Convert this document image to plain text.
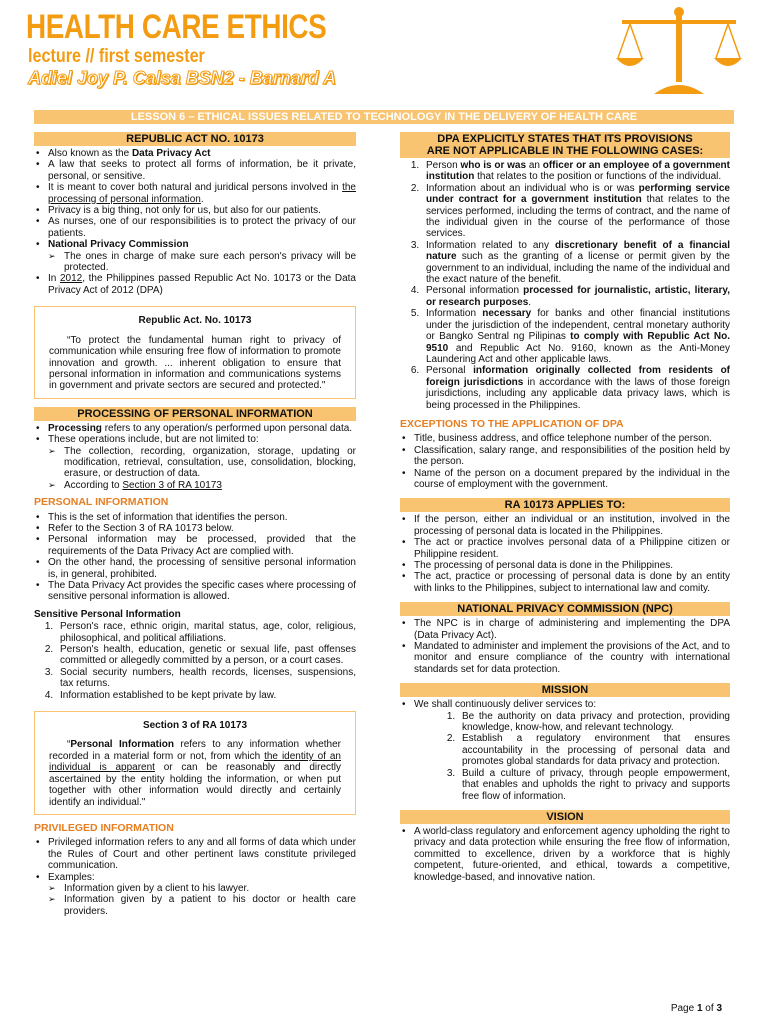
HEALTH CARE ETHICS
lecture // first semester
Adiel Joy P. Calsa BSN2 - Barnard A
LESSON 6 – ETHICAL ISSUES RELATED TO TECHNOLOGY IN THE DELIVERY OF HEALTH CARE
REPUBLIC ACT NO. 10173
• Also known as the Data Privacy Act
• A law that seeks to protect all forms of information, be it private, personal, or sensitive.
• It is meant to cover both natural and juridical persons involved in the processing of personal information.
• Privacy is a big thing, not only for us, but also for our patients.
• As nurses, one of our responsibilities is to protect the privacy of our patients.
• National Privacy Commission
➢ The ones in charge of make sure each person's privacy will be protected.
• In 2012, the Philippines passed Republic Act No. 10173 or the Data Privacy Act of 2012 (DPA)
Republic Act. No. 10173

“To protect the fundamental human right to privacy of communication while ensuring free flow of information to promote innovation and growth. ... inherent obligation to ensure that personal information in information and communications systems in government and private sectors are secured and protected."

PROCESSING OF PERSONAL INFORMATION
• Processing refers to any operation/s performed upon personal data.
• These operations include, but are not limited to:
➢ The collection, recording, organization, storage, updating or modification, retrieval, consultation, use, consolidation, blocking, erasure, or destruction of data.
➢ According to Section 3 of RA 10173
PERSONAL INFORMATION
• This is the set of information that identifies the person.
• Refer to the Section 3 of RA 10173 below.
• Personal information may be processed, provided that the requirements of the Data Privacy Act are complied with.
• On the other hand, the processing of sensitive personal information is, in general, prohibited.
• The Data Privacy Act provides the specific cases where processing of sensitive personal information is allowed.
Sensitive Personal Information
1. Person's race, ethnic origin, marital status, age, color, religious, philosophical, and political affiliations.
2. Person's health, education, genetic or sexual life, past offenses committed or allegedly committed by a person, or a court cases.
3. Social security numbers, health records, licenses, suspensions, tax returns.
4. Information established to be kept private by law.
Section 3 of RA 10173

“Personal Information refers to any information whether recorded in a material form or not, from which the identity of an individual is apparent or can be reasonably and directly ascertained by the entity holding the information, or when put together with other information would directly and certainly identify an individual."

PRIVILEGED INFORMATION
• Privileged information refers to any and all forms of data which under the Rules of Court and other pertinent laws constitute privileged communication.
• Examples:
➢ Information given by a client to his lawyer.
➢ Information given by a patient to his doctor or health care providers.
DPA EXPLICITLY STATES THAT ITS PROVISIONS
ARE NOT APPLICABLE IN THE FOLLOWING CASES:
1. Person who is or was an officer or an employee of a government institution that relates to the position or functions of the individual.
2. Information about an individual who is or was performing service under contract for a government institution that relates to the services performed, including the terms of contract, and the name of the individual given in the course of the performance of those services.
3. Information related to any discretionary benefit of a financial nature such as the granting of a license or permit given by the government to an individual, including the name of the individual and the exact nature of the benefit.
4. Personal information processed for journalistic, artistic, literary, or research purposes.
5. Information necessary for banks and other financial institutions under the jurisdiction of the independent, central monetary authority or Bangko Sentral ng Pilipinas to comply with Republic Act No. 9510 and Republic Act No. 9160, known as the Anti-Money Laundering Act and other applicable laws.
6. Personal information originally collected from residents of foreign jurisdictions in accordance with the laws of those foreign jurisdictions, including any applicable data privacy laws, which is being processed in the Philippines.
EXCEPTIONS TO THE APPLICATION OF DPA
• Title, business address, and office telephone number of the person.
• Classification, salary range, and responsibilities of the position held by the person.
• Name of the person on a document prepared by the individual in the course of employment with the government.
RA 10173 APPLIES TO:
• If the person, either an individual or an institution, involved in the processing of personal data is located in the Philippines.
• The act or practice involves personal data of a Philippine citizen or Philippine resident.
• The processing of personal data is done in the Philippines.
• The act, practice or processing of personal data is done by an entity with links to the Philippines, subject to international law and comity.
NATIONAL PRIVACY COMMISSION (NPC)
• The NPC is in charge of administering and implementing the DPA (Data Privacy Act).
• Mandated to administer and implement the provisions of the Act, and to monitor and ensure compliance of the country with international standards set for data protection.
MISSION
• We shall continuously deliver services to:
1. Be the authority on data privacy and protection, providing knowledge, know-how, and relevant technology.
2. Establish a regulatory environment that ensures accountability in the processing of personal data and promotes global standards for data privacy and protection.
3. Build a culture of privacy, through people empowerment, that enables and upholds the right to privacy and supports free flow of information.
VISION
• A world-class regulatory and enforcement agency upholding the right to privacy and data protection while ensuring the free flow of information, committed to excellence, driven by a workforce that is highly competent, future-oriented, and ethical, towards a competitive, knowledge-based, and innovative nation.
Page 1 of 3
